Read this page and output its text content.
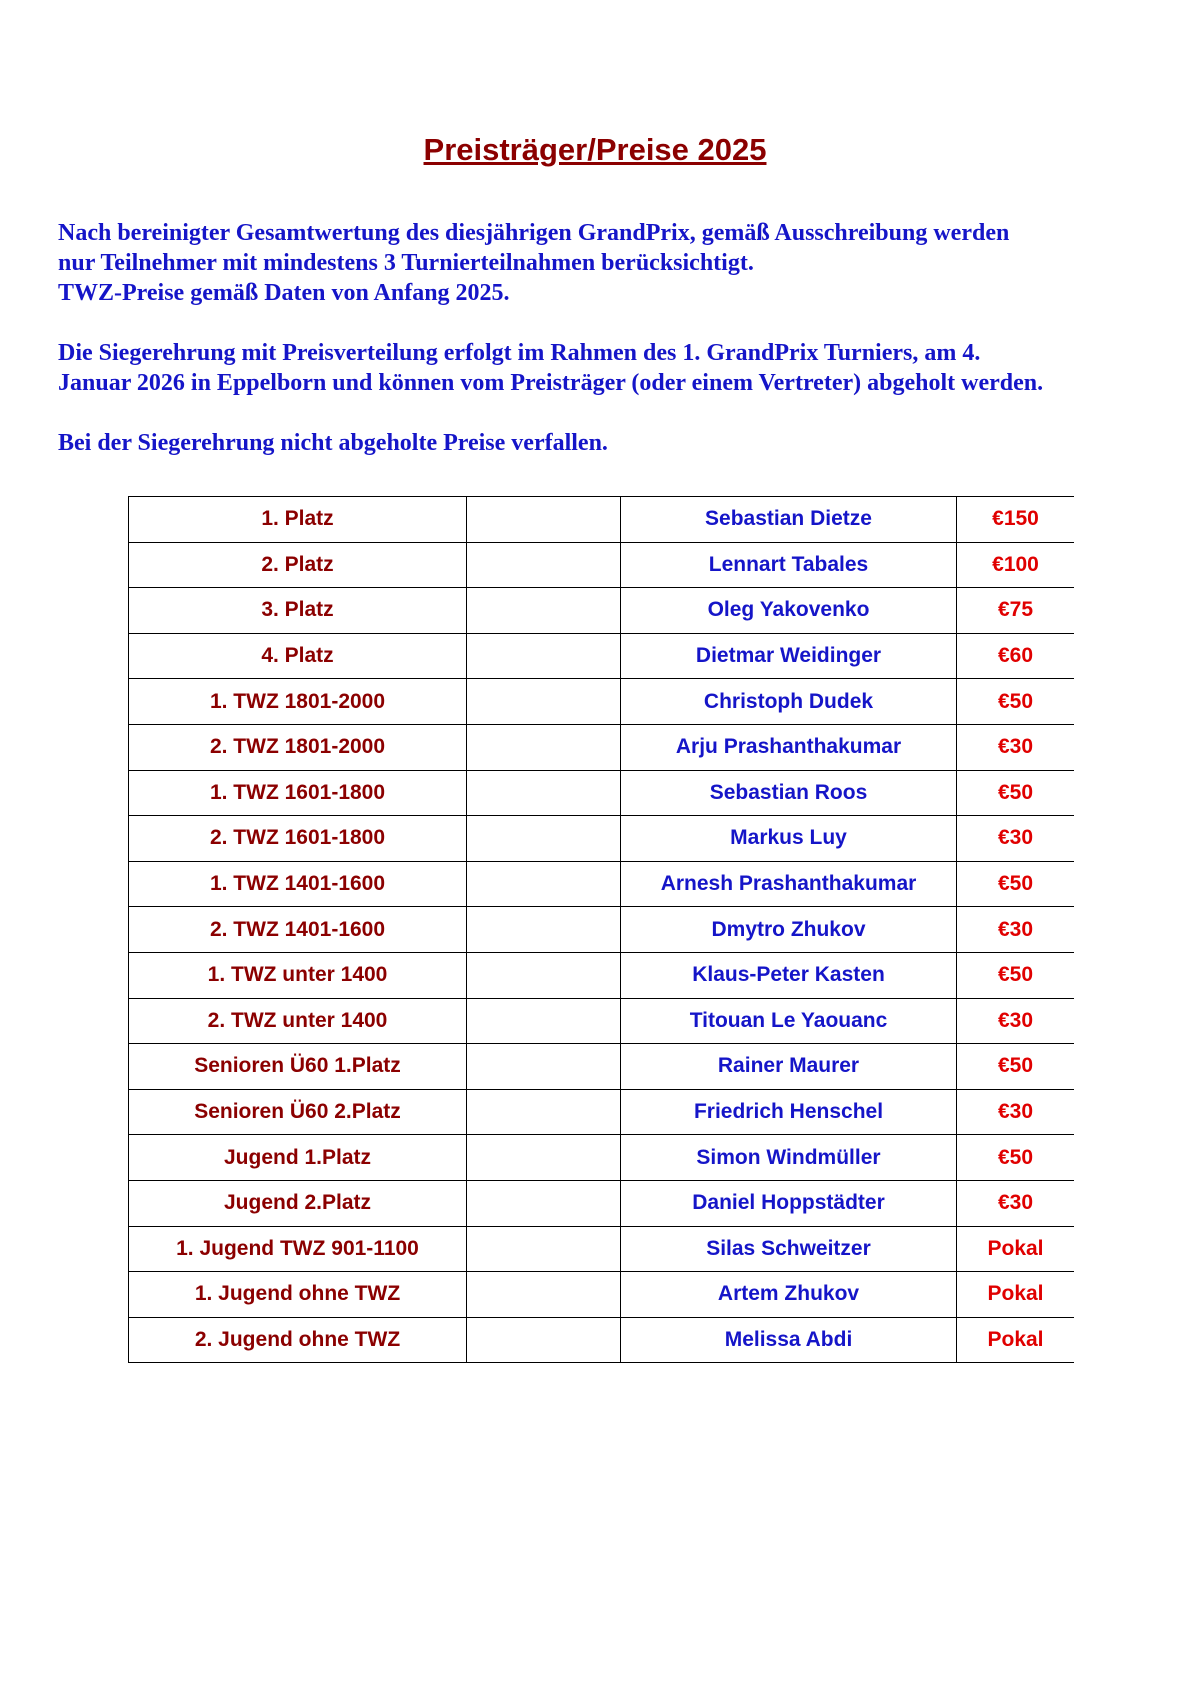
Preisträger/Preise 2025

Nach bereinigter Gesamtwertung des diesjährigen GrandPrix, gemäß Ausschreibung werden
nur Teilnehmer mit mindestens 3 Turnierteilnahmen berücksichtigt.
TWZ-Preise gemäß Daten von Anfang 2025.

Die Siegerehrung mit Preisverteilung erfolgt im Rahmen des 1. GrandPrix Turniers, am 4.
Januar 2026 in Eppelborn und können vom Preisträger (oder einem Vertreter) abgeholt werden.

Bei der Siegerehrung nicht abgeholte Preise verfallen.

1. Platz		Sebastian Dietze	€150
2. Platz		Lennart Tabales	€100
3. Platz		Oleg Yakovenko	€75
4. Platz		Dietmar Weidinger	€60
1. TWZ 1801-2000		Christoph Dudek	€50
2. TWZ 1801-2000		Arju Prashanthakumar	€30
1. TWZ 1601-1800		Sebastian Roos	€50
2. TWZ 1601-1800		Markus Luy	€30
1. TWZ 1401-1600		Arnesh Prashanthakumar	€50
2. TWZ 1401-1600		Dmytro Zhukov	€30
1. TWZ unter 1400		Klaus-Peter Kasten	€50
2. TWZ unter 1400		Titouan Le Yaouanc	€30
Senioren Ü60 1.Platz		Rainer Maurer	€50
Senioren Ü60 2.Platz		Friedrich Henschel	€30
Jugend 1.Platz		Simon Windmüller	€50
Jugend 2.Platz		Daniel Hoppstädter	€30
1. Jugend TWZ 901-1100		Silas Schweitzer	Pokal
1. Jugend ohne TWZ		Artem Zhukov	Pokal
2. Jugend ohne TWZ		Melissa Abdi	Pokal
